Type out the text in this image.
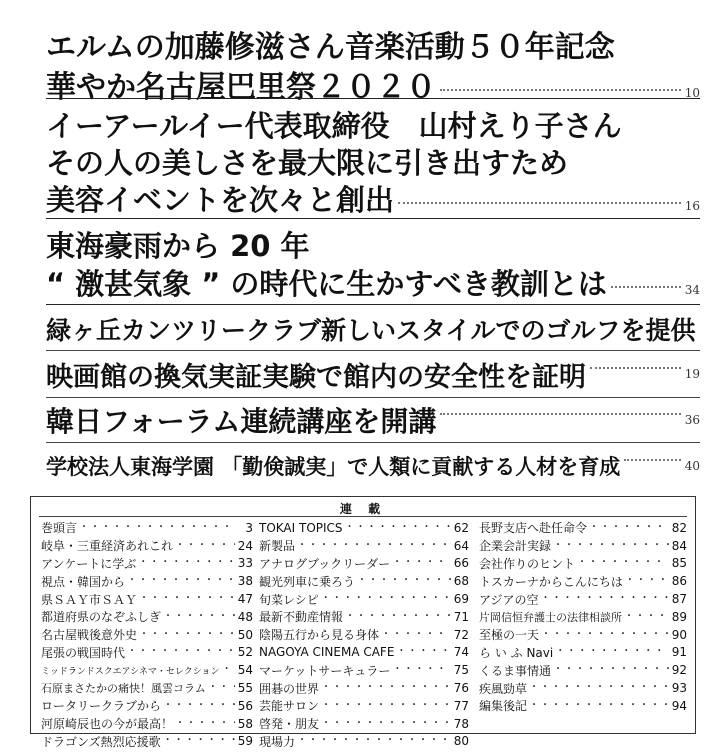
エルムの加藤修滋さん音楽活動５０年記念
華やか名古屋巴里祭２０２０	10
イーアールイー代表取締役　山村えり子さん
その人の美しさを最大限に引き出すため
美容イベントを次々と創出	16
東海豪雨から 20 年
“ 激甚気象 ” の時代に生かすべき教訓とは	34
緑ヶ丘カンツリークラブ新しいスタイルでのゴルフを提供
映画館の換気実証実験で館内の安全性を証明	19
韓日フォーラム連続講座を開講	36
学校法人東海学園 「勤倹誠実」で人類に貢献する人材を育成	40
連 載
巻頭言 ・・・・・・・・・・・・・・・・・・・・・・・・・・・・・・・	3
岐阜・三重経済あれこれ ・・・・・・・・・・・・・・・・・・・・・・・・・・・・・・・	24
アンケートに学ぶ ・・・・・・・・・・・・・・・・・・・・・・・・・・・・・・・	33
視点・韓国から ・・・・・・・・・・・・・・・・・・・・・・・・・・・・・・・	38
県ＳＡＹ市ＳＡＹ ・・・・・・・・・・・・・・・・・・・・・・・・・・・・・・・	47
都道府県のなぞふしぎ ・・・・・・・・・・・・・・・・・・・・・・・・・・・・・・・	48
名古屋戦後意外史 ・・・・・・・・・・・・・・・・・・・・・・・・・・・・・・・	50
尾張の戦国時代 ・・・・・・・・・・・・・・・・・・・・・・・・・・・・・・・	52
ミッドランドスクエアシネマ・セレクション ・・・・・・・・・・・・・・・・・・・・・・・・・・・・・・・ 54
石原まさたかの痛快！風雲コラム ・・・・・・・・・・・・・・・・・・・・・・・・・・・・・・・	55
ロータリークラブから ・・・・・・・・・・・・・・・・・・・・・・・・・・・・・・・	56
河原崎辰也の今が最高！ ・・・・・・・・・・・・・・・・・・・・・・・・・・・・・・・	58
ドラゴンズ熱烈応援歌 ・・・・・・・・・・・・・・・・・・・・・・・・・・・・・・・	59
TOKAI TOPICS ・・・・・・・・・・・・・・・・・・・・・・・・・・・・・・・	62
新製品 ・・・・・・・・・・・・・・・・・・・・・・・・・・・・・・・	64
アナログブックリーダー ・・・・・・・・・・・・・・・・・・・・・・・・・・・・・・・	66
観光列車に乗ろう ・・・・・・・・・・・・・・・・・・・・・・・・・・・・・・・	68
旬菜レシピ ・・・・・・・・・・・・・・・・・・・・・・・・・・・・・・・	69
最新不動産情報 ・・・・・・・・・・・・・・・・・・・・・・・・・・・・・・・	71
陰陽五行から見る身体 ・・・・・・・・・・・・・・・・・・・・・・・・・・・・・・・	72
NAGOYA CINEMA CAFE ・・・・・・・・・・・・・・・・・・・・・・・・・・・・・・・	74
マーケットサーキュラー ・・・・・・・・・・・・・・・・・・・・・・・・・・・・・・・	75
囲碁の世界 ・・・・・・・・・・・・・・・・・・・・・・・・・・・・・・・	76
芸能サロン ・・・・・・・・・・・・・・・・・・・・・・・・・・・・・・・	77
啓発・朋友 ・・・・・・・・・・・・・・・・・・・・・・・・・・・・・・・	78
現場力 ・・・・・・・・・・・・・・・・・・・・・・・・・・・・・・・	80
長野支店へ赴任命令 ・・・・・・・・・・・・・・・・・・・・・・・・・・・・・・・	82
企業会計実録 ・・・・・・・・・・・・・・・・・・・・・・・・・・・・・・・	84
会社作りのヒント ・・・・・・・・・・・・・・・・・・・・・・・・・・・・・・・	85
トスカーナからこんにちは ・・・・・・・・・・・・・・・・・・・・・・・・・・・・・・・	86
アジアの空 ・・・・・・・・・・・・・・・・・・・・・・・・・・・・・・・	87
片岡信恒弁護士の法律相談所 ・・・・・・・・・・・・・・・・・・・・・・・・・・・・・・・	89
至極の一天 ・・・・・・・・・・・・・・・・・・・・・・・・・・・・・・・	90
ら い ふ Navi ・・・・・・・・・・・・・・・・・・・・・・・・・・・・・・・	91
くるま事情通 ・・・・・・・・・・・・・・・・・・・・・・・・・・・・・・・	92
疾風勁草 ・・・・・・・・・・・・・・・・・・・・・・・・・・・・・・・	93
編集後記 ・・・・・・・・・・・・・・・・・・・・・・・・・・・・・・・	94
